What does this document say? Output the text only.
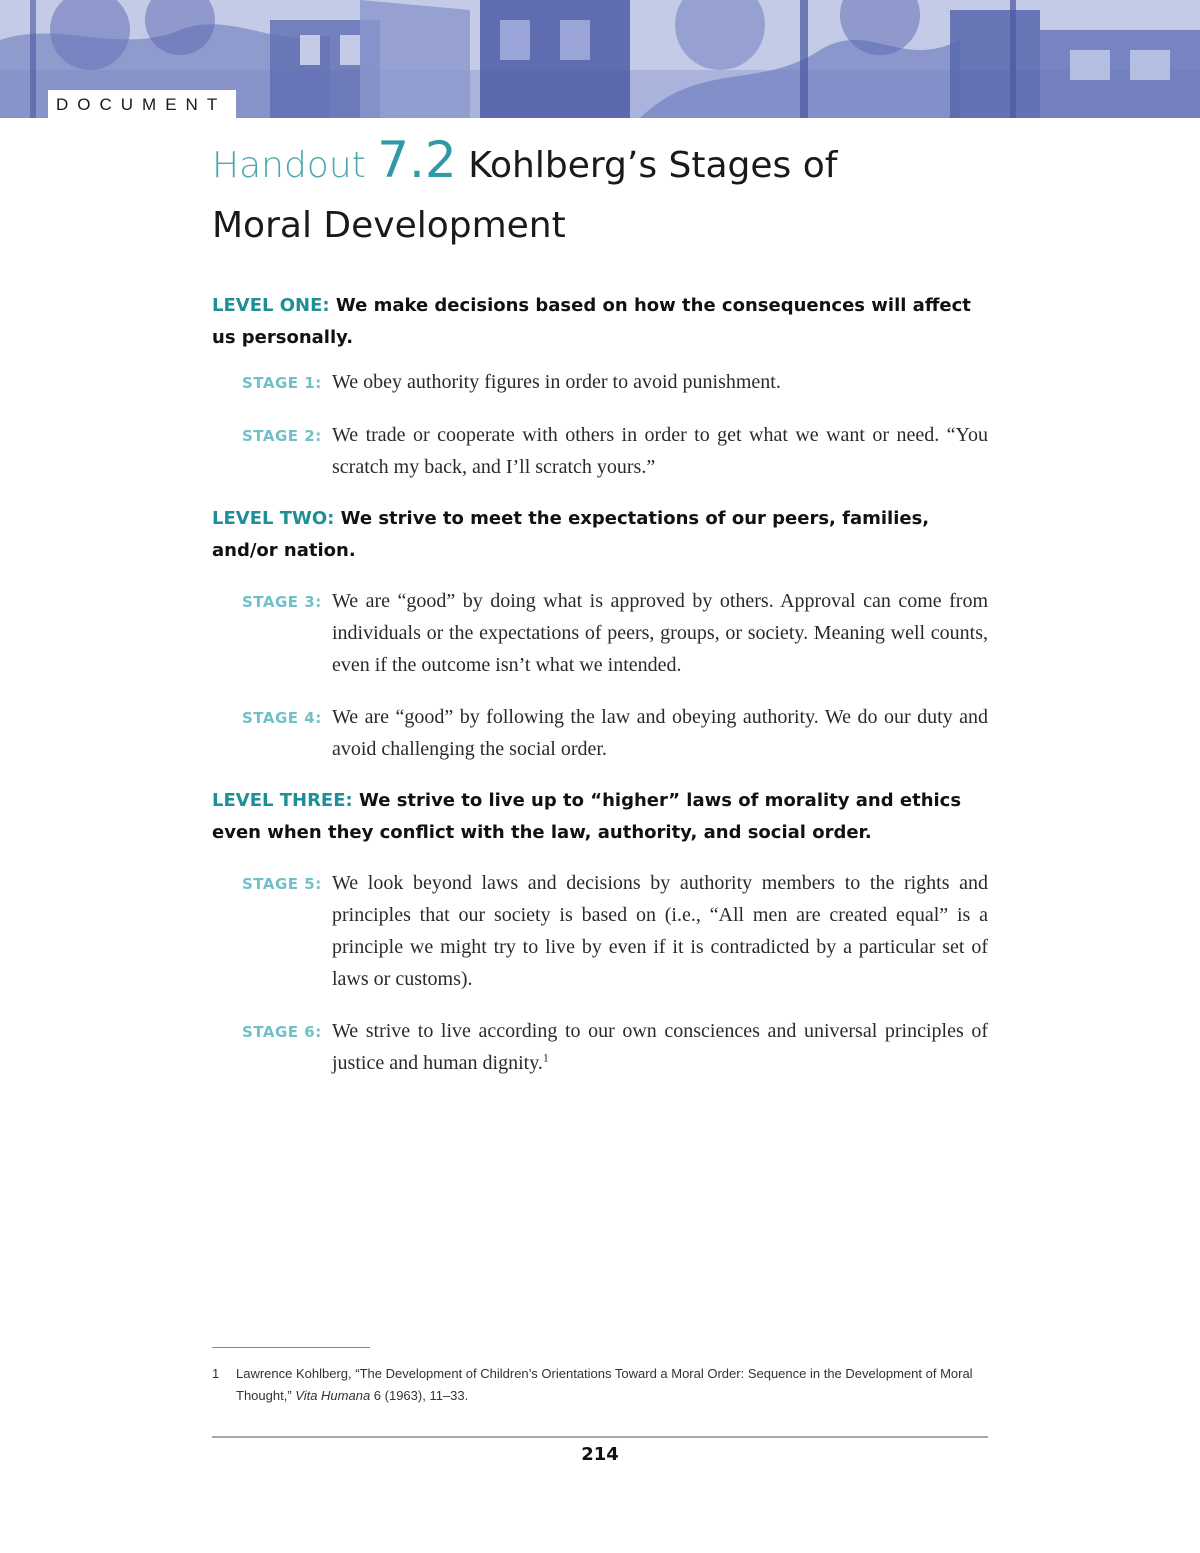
DOCUMENT
Handout 7.2 Kohlberg’s Stages of
Moral Development

LEVEL ONE: We make decisions based on how the consequences will affect us personally.

STAGE 1: We obey authority figures in order to avoid punishment.
STAGE 2: We trade or cooperate with others in order to get what we want or need. “You scratch my back, and I’ll scratch yours.”

LEVEL TWO: We strive to meet the expectations of our peers, families, and/or nation.

STAGE 3: We are “good” by doing what is approved by others. Approval can come from individuals or the expectations of peers, groups, or society. Meaning well counts, even if the outcome isn’t what we intended.
STAGE 4: We are “good” by following the law and obeying authority. We do our duty and avoid challenging the social order.

LEVEL THREE: We strive to live up to “higher” laws of morality and ethics even when they conflict with the law, authority, and social order.

STAGE 5: We look beyond laws and decisions by authority members to the rights and principles that our society is based on (i.e., “All men are created equal” is a principle we might try to live by even if it is contradicted by a particular set of laws or customs).
STAGE 6: We strive to live according to our own consciences and universal principles of justice and human dignity.$^1$
1	Lawrence Kohlberg, “The Development of Children’s Orientations Toward a Moral Order: Sequence in the Development of Moral Thought,” Vita Humana 6 (1963), 11–33.
214
